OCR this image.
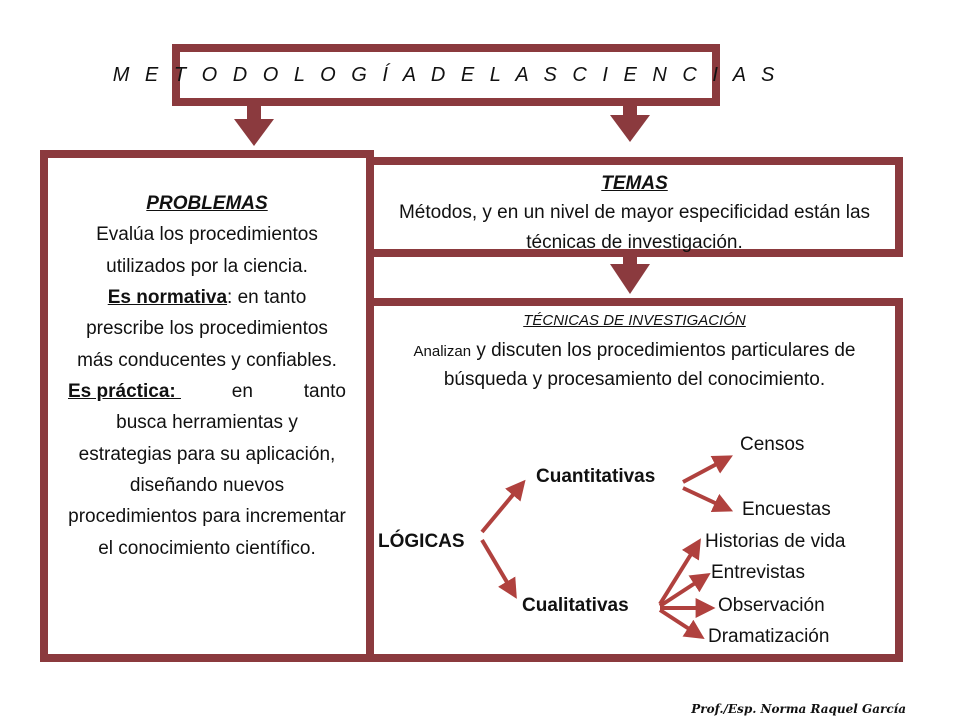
M E T O D O L O G Í A D E L A S C I E N C I A S
PROBLEMAS
Evalúa los procedimientos utilizados por la ciencia.
Es normativa: en tanto prescribe los procedimientos más conducentes y confiables.
Es práctica:	en	tanto
busca herramientas y estrategias para su aplicación, diseñando nuevos procedimientos para incrementar el conocimiento científico.
TEMAS
Métodos, y en un nivel de mayor especificidad están las técnicas de investigación.
TÉCNICAS DE INVESTIGACIÓN
Analizan y discuten los procedimientos particulares de búsqueda y procesamiento del conocimiento.
Censos
Cuantitativas
Encuestas
LÓGICAS	Historias de vida
Entrevistas
Cualitativas	Observación
Dramatización
Prof./Esp. Norma Raquel García
